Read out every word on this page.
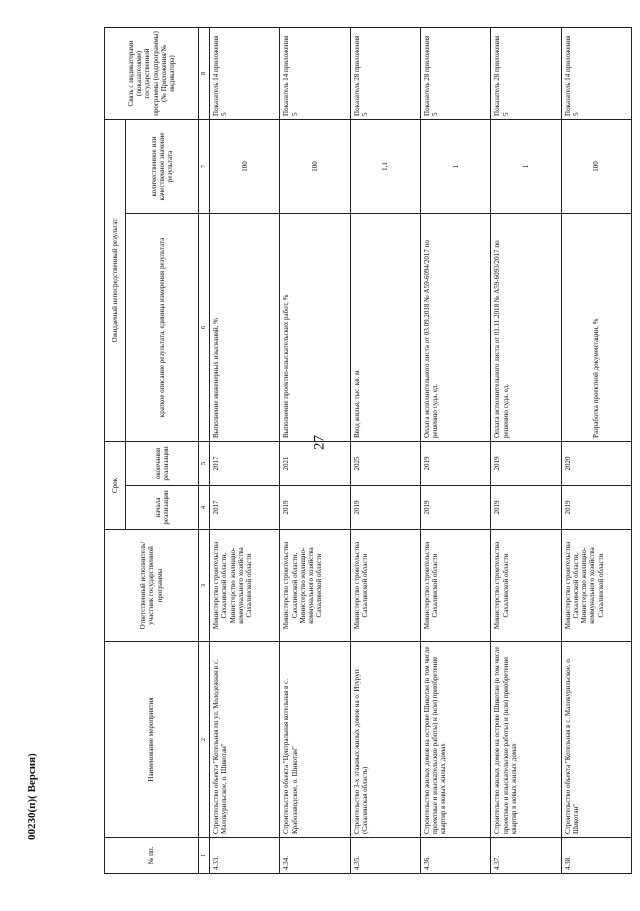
27
№ пп.	Наименование мероприятия	Ответственный исполнитель/участник государственной программы	Срок		Ожидаемый непосредственный результат		Связь с индикаторами (показателями) государственной программы (подпрограммы) (№ Приложения/№ индикатора)
			начала реализации	окончания реализации	краткое описание результата, единица измерения результата	количественное или качественное значение результата	
1	2	3	4	5	6	7	8
4.33.	Строительство объекта "Котельная по ул. Молодежная в с. Малокурильское, о. Шикотан"	Министерство строительства Сахалинской области, Министерство жилищно-коммунального хозяйства Сахалинской области	2017	2017	Выполнение инженерных изысканий, %	100	Показатель 14 приложения 5
4.34.	Строительство объекта "Центральная котельная в с. Крабозаводское, о. Шикотан"	Министерство строительства Сахалинской области, Министерство жилищно-коммунального хозяйства Сахалинской области	2019	2021	Выполнение проектно-изыскательских работ, %	100	Показатель 14 приложения 5
4.35.	Строительство 3-х этажных жилых домов на о. Итуруп (Сахалинская область)	Министерство строительства Сахалинской области	2019	2025	Ввод жилья, тыс. кв. м	1,1	Показатель 28 приложения 5
4.36.	Строительство жилых домов на острове Шикотан (в том числе проектные и изыскательские работы) и (или) приобретение квартир в новых жилых домах	Министерство строительства Сахалинской области	2019	2019	Оплата исполнительного листа от 03.09.2018 № А59-6094/2017 по решению суда, ед.	1	Показатель 28 приложения 5
4.37.	Строительство жилых домов на острове Шикотан (в том числе проектные и изыскательские работы) и (или) приобретение квартир в новых жилых домах	Министерство строительства Сахалинской области	2019	2019	Оплата исполнительного листа от 01.11.2018 № А59-6093/2017 по решению суда, ед.	1	Показатель 28 приложения 5
4.38.	Строительство объекта "Котельная в с. Малокурильское, о. Шикотан"	Министерство строительства Сахалинской области, Министерство жилищно-коммунального хозяйства Сахалинской области	2019	2020	Разработка проектной документации, %	100	Показатель 14 приложения 5
00230(п)( Версия)
